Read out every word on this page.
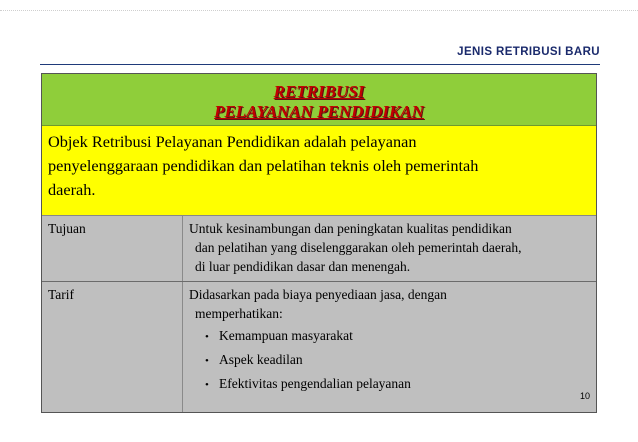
JENIS RETRIBUSI BARU
RETRIBUSI
PELAYANAN PENDIDIKAN
Objek Retribusi Pelayanan Pendidikan adalah pelayanan
penyelenggaraan pendidikan dan pelatihan teknis oleh pemerintah
daerah.
Tujuan	Untuk kesinambungan dan peningkatan kualitas pendidikan
dan pelatihan yang diselenggarakan oleh pemerintah daerah,
di luar pendidikan dasar dan menengah.
Tarif	Didasarkan pada biaya penyediaan jasa, dengan
memperhatikan:
• Kemampuan masyarakat
• Aspek keadilan
• Efektivitas pengendalian pelayanan
10
